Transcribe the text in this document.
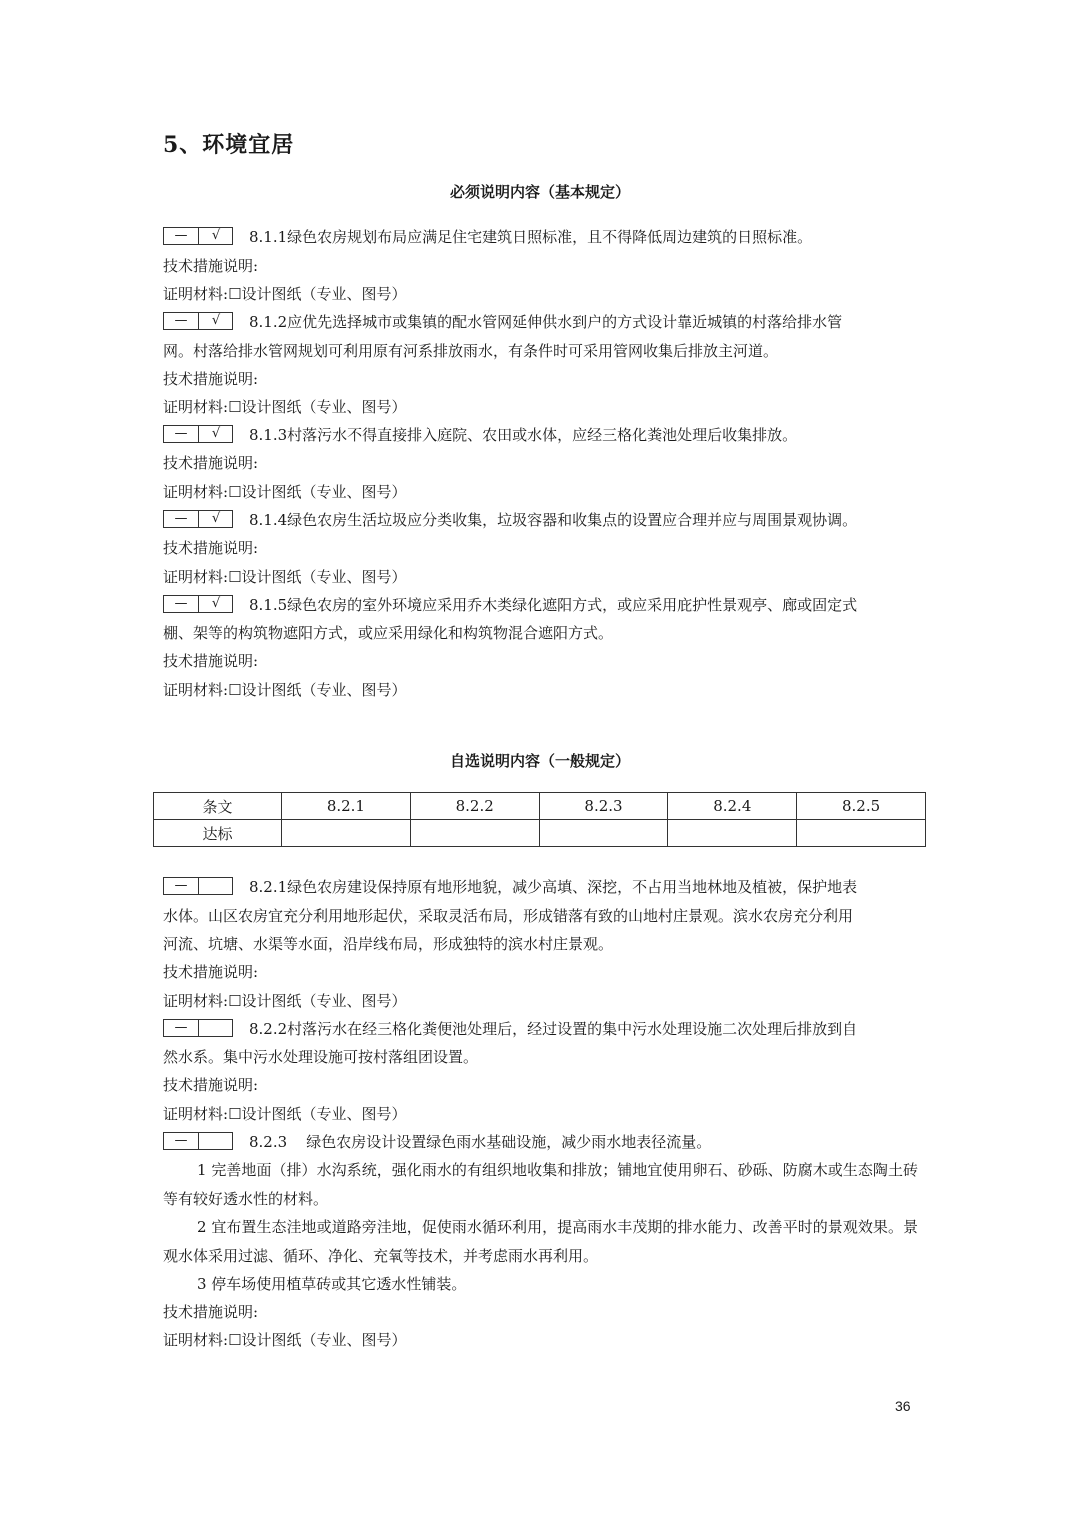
5、环境宜居
必须说明内容（基本规定）
—	√	8.1.1绿色农房规划布局应满足住宅建筑日照标准，且不得降低周边建筑的日照标准。
技术措施说明:
证明材料:☐设计图纸（专业、图号）
—	√	8.1.2应优先选择城市或集镇的配水管网延伸供水到户的方式设计靠近城镇的村落给排水管
网。村落给排水管网规划可利用原有河系排放雨水，有条件时可采用管网收集后排放主河道。
技术措施说明:
证明材料:☐设计图纸（专业、图号）
—	√	8.1.3村落污水不得直接排入庭院、农田或水体，应经三格化粪池处理后收集排放。
技术措施说明:
证明材料:☐设计图纸（专业、图号）
—	√	8.1.4绿色农房生活垃圾应分类收集，垃圾容器和收集点的设置应合理并应与周围景观协调。
技术措施说明:
证明材料:☐设计图纸（专业、图号）
—	√	8.1.5绿色农房的室外环境应采用乔木类绿化遮阳方式，或应采用庇护性景观亭、廊或固定式
棚、架等的构筑物遮阳方式，或应采用绿化和构筑物混合遮阳方式。
技术措施说明:
证明材料:☐设计图纸（专业、图号）
自选说明内容（一般规定）
条文	8.2.1	8.2.2	8.2.3	8.2.4	8.2.5
达标					
—	8.2.1绿色农房建设保持原有地形地貌，减少高填、深挖，不占用当地林地及植被，保护地表
水体。山区农房宜充分利用地形起伏，采取灵活布局，形成错落有致的山地村庄景观。滨水农房充分利用
河流、坑塘、水渠等水面，沿岸线布局，形成独特的滨水村庄景观。
技术措施说明:
证明材料:☐设计图纸（专业、图号）
—	8.2.2村落污水在经三格化粪便池处理后，经过设置的集中污水处理设施二次处理后排放到自
然水系。集中污水处理设施可按村落组团设置。
技术措施说明:
证明材料:☐设计图纸（专业、图号）
—	8.2.3    绿色农房设计设置绿色雨水基础设施，减少雨水地表径流量。
1 完善地面（排）水沟系统，强化雨水的有组织地收集和排放；铺地宜使用卵石、砂砾、防腐木或生态陶土砖等有较好透水性的材料。
2 宜布置生态洼地或道路旁洼地，促使雨水循环利用，提高雨水丰茂期的排水能力、改善平时的景观效果。景观水体采用过滤、循环、净化、充氧等技术，并考虑雨水再利用。
3 停车场使用植草砖或其它透水性铺装。
技术措施说明:
证明材料:☐设计图纸（专业、图号）
36
